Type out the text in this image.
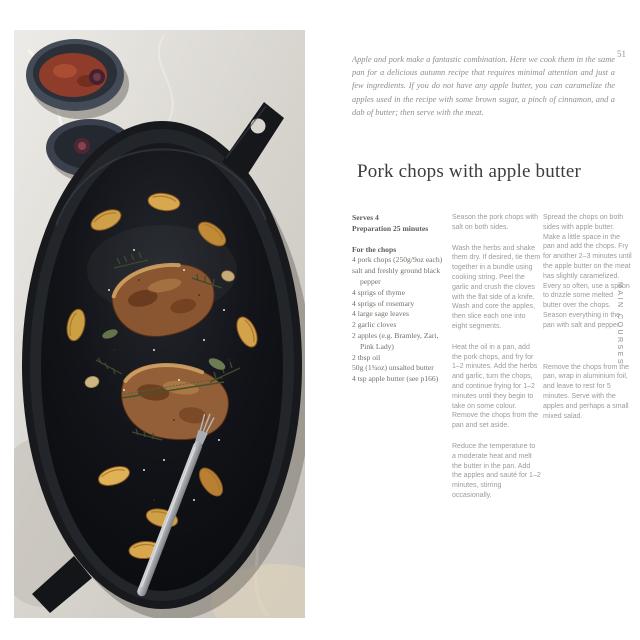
51

Apple and pork make a fantastic combination. Here we cook them in the same pan for a delicious autumn recipe that requires minimal attention and just a few ingredients. If you do not have any apple butter, you can caramelize the apples used in the recipe with some brown sugar, a pinch of cinnamon, and a dab of butter; then serve with the meat.

Pork chops with apple butter
Serves 4
Preparation 25 minutes
For the chops
4 pork chops (250g/9oz each)
salt and freshly ground black pepper
4 sprigs of thyme
4 sprigs of rosemary
4 large sage leaves
2 garlic cloves
2 apples (e.g. Bramley, Zari, Pink Lady)
2 tbsp oil
50g (1¾oz) unsalted butter
4 tsp apple butter (see p166)

Season the pork chops with salt on both sides.

Wash the herbs and shake them dry. If desired, tie them together in a bundle using cooking string. Peel the garlic and crush the cloves with the flat side of a knife. Wash and core the apples, then slice each one into eight segments.

Heat the oil in a pan, add the pork chops, and fry for 1–2 minutes. Add the herbs and garlic, turn the chops, and continue frying for 1–2 minutes until they begin to take on some colour. Remove the chops from the pan and set aside.

Reduce the temperature to a moderate heat and melt the butter in the pan. Add the apples and sauté for 1–2 minutes, stirring occasionally.

Spread the chops on both sides with apple butter. Make a little space in the pan and add the chops. Fry for another 2–3 minutes until the apple butter on the meat has slightly caramelized. Every so often, use a spoon to drizzle some melted butter over the chops. Season everything in the pan with salt and pepper.

Remove the chops from the pan, wrap in aluminium foil, and leave to rest for 5 minutes. Serve with the apples and perhaps a small mixed salad.

MAIN COURSES
